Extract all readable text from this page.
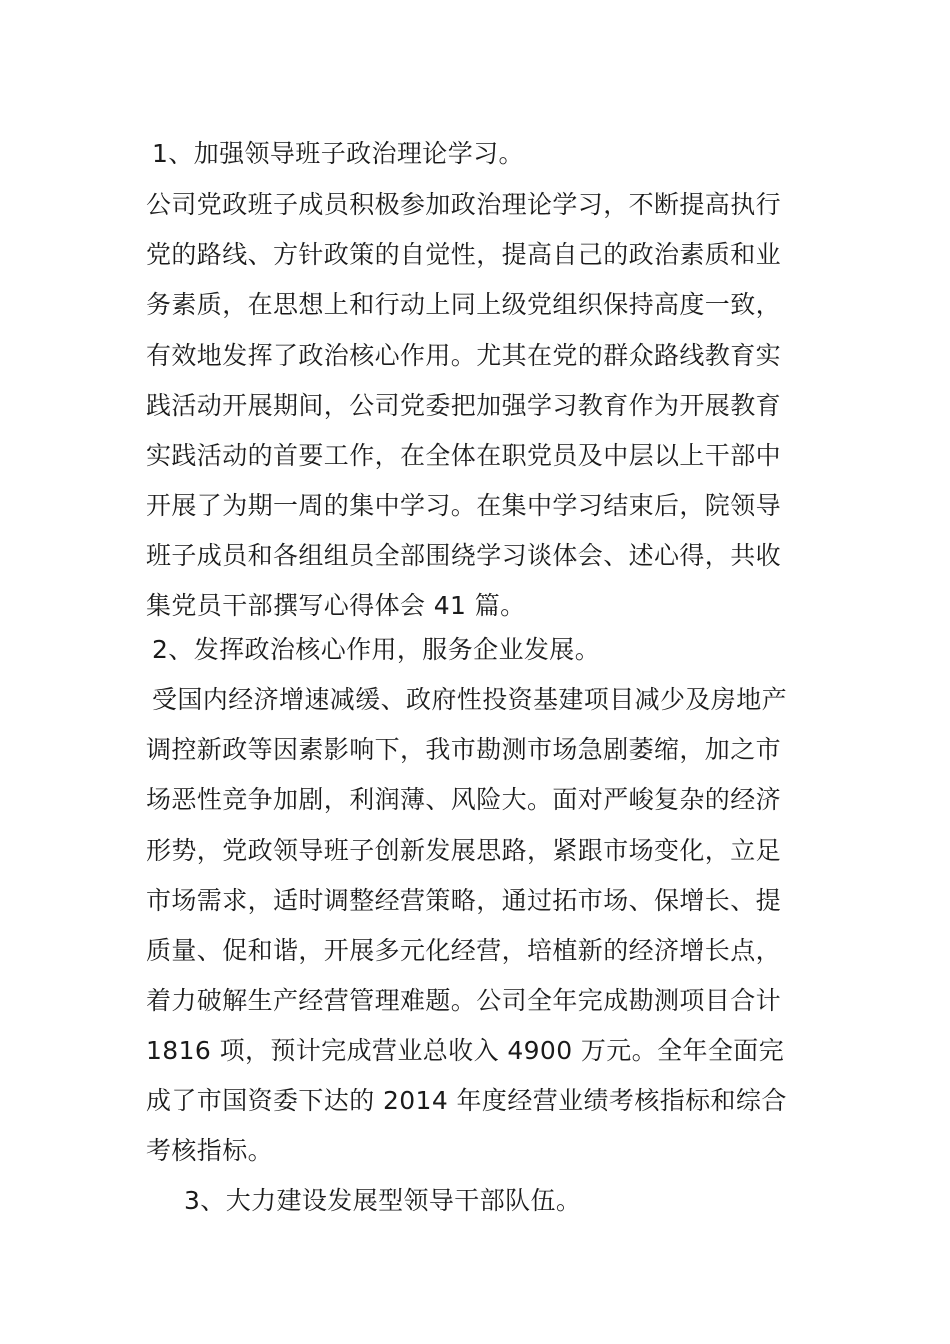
1、加强领导班子政治理论学习。
公司党政班子成员积极参加政治理论学习，不断提高执行
党的路线、方针政策的自觉性，提高自己的政治素质和业
务素质，在思想上和行动上同上级党组织保持高度一致，
有效地发挥了政治核心作用。尤其在党的群众路线教育实
践活动开展期间，公司党委把加强学习教育作为开展教育
实践活动的首要工作，在全体在职党员及中层以上干部中
开展了为期一周的集中学习。在集中学习结束后，院领导
班子成员和各组组员全部围绕学习谈体会、述心得，共收
集党员干部撰写心得体会 41 篇。
2、发挥政治核心作用，服务企业发展。
受国内经济增速减缓、政府性投资基建项目减少及房地产
调控新政等因素影响下，我市勘测市场急剧萎缩，加之市
场恶性竞争加剧，利润薄、风险大。面对严峻复杂的经济
形势，党政领导班子创新发展思路，紧跟市场变化，立足
市场需求，适时调整经营策略，通过拓市场、保增长、提
质量、促和谐，开展多元化经营，培植新的经济增长点，
着力破解生产经营管理难题。公司全年完成勘测项目合计
1816 项，预计完成营业总收入 4900 万元。全年全面完
成了市国资委下达的 2014 年度经营业绩考核指标和综合
考核指标。
3、大力建设发展型领导干部队伍。
